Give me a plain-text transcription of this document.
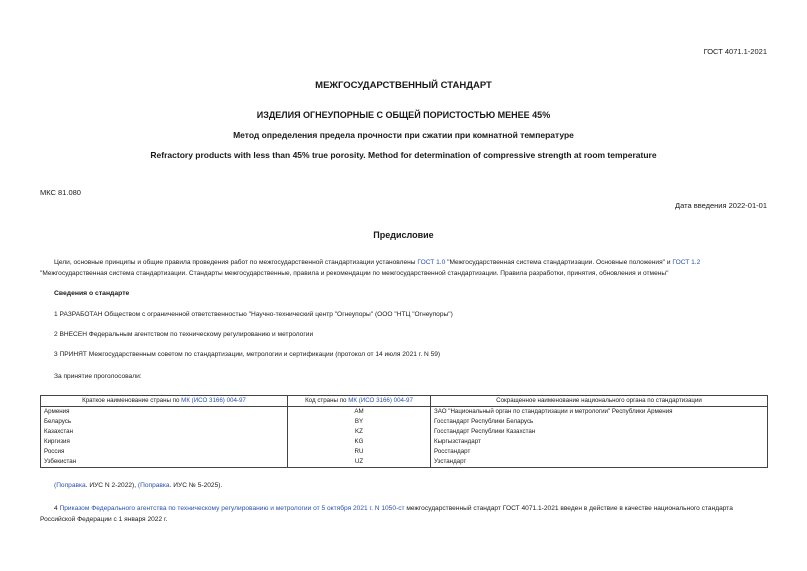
ГОСТ 4071.1-2021
МЕЖГОСУДАРСТВЕННЫЙ СТАНДАРТ
ИЗДЕЛИЯ ОГНЕУПОРНЫЕ С ОБЩЕЙ ПОРИСТОСТЬЮ МЕНЕЕ 45%
Метод определения предела прочности при сжатии при комнатной температуре
Refractory products with less than 45% true porosity. Method for determination of compressive strength at room temperature
МКС 81.080
Дата введения 2022-01-01
Предисловие
Цели, основные принципы и общие правила проведения работ по межгосударственной стандартизации установлены ГОСТ 1.0 "Межгосударственная система стандартизации. Основные положения" и ГОСТ 1.2 "Межгосударственная система стандартизации. Стандарты межгосударственные, правила и рекомендации по межгосударственной стандартизации. Правила разработки, принятия, обновления и отмены"
Сведения о стандарте
1 РАЗРАБОТАН Обществом с ограниченной ответственностью "Научно-технический центр "Огнеупоры" (ООО "НТЦ "Огнеупоры")
2 ВНЕСЕН Федеральным агентством по техническому регулированию и метрологии
3 ПРИНЯТ Межгосударственным советом по стандартизации, метрологии и сертификации (протокол от 14 июля 2021 г. N 59)
За принятие проголосовали:
Краткое наименование страны по МК (ИСО 3166) 004-97	Код страны по МК (ИСО 3166) 004-97	Сокращенное наименование национального органа по стандартизации
Армения	AM	ЗАО "Национальный орган по стандартизации и метрологии" Республики Армения
Беларусь	BY	Госстандарт Республики Беларусь
Казахстан	KZ	Госстандарт Республики Казахстан
Киргизия	KG	Кыргызстандарт
Россия	RU	Росстандарт
Узбекистан	UZ	Узстандарт
(Поправка. ИУС N 2-2022), (Поправка. ИУС № 5-2025).
4 Приказом Федерального агентства по техническому регулированию и метрологии от 5 октября 2021 г. N 1050-ст межгосударственный стандарт ГОСТ 4071.1-2021 введен в действие в качестве национального стандарта Российской Федерации с 1 января 2022 г.
